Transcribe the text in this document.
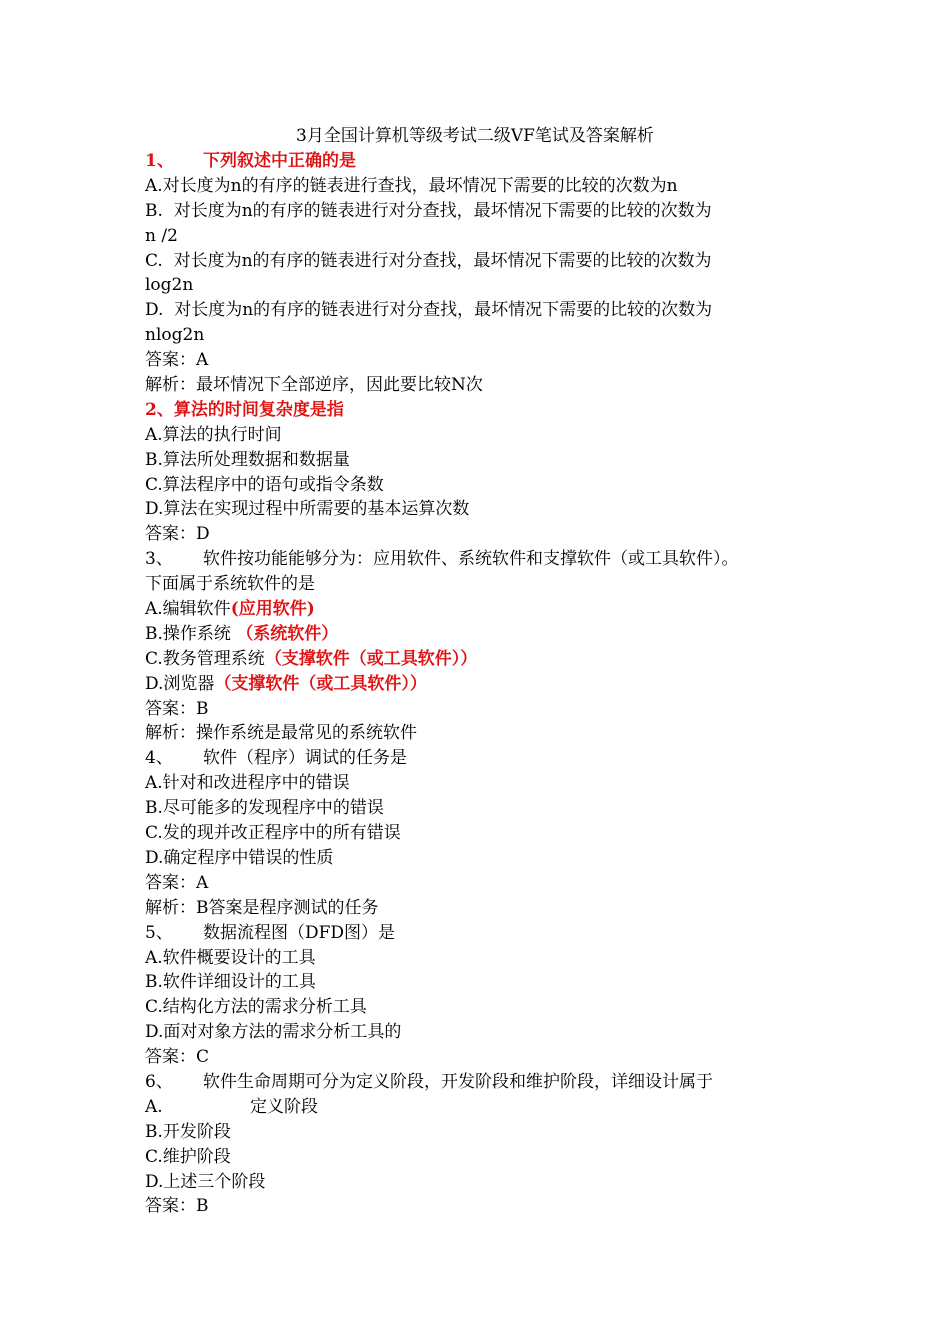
3月全国计算机等级考试二级VF笔试及答案解析
1、 下列叙述中正确的是
A.对长度为n的有序的链表进行查找，最坏情况下需要的比较的次数为n
B.  对长度为n的有序的链表进行对分查找，最坏情况下需要的比较的次数为
n /2
C.  对长度为n的有序的链表进行对分查找，最坏情况下需要的比较的次数为
log2n
D.  对长度为n的有序的链表进行对分查找，最坏情况下需要的比较的次数为
nlog2n
答案：A
解析：最坏情况下全部逆序，因此要比较N次
2、算法的时间复杂度是指
A.算法的执行时间
B.算法所处理数据和数据量
C.算法程序中的语句或指令条数
D.算法在实现过程中所需要的基本运算次数
答案：D
3、 软件按功能能够分为：应用软件、系统软件和支撑软件（或工具软件）。
下面属于系统软件的是
A.编辑软件(应用软件)
B.操作系统 （系统软件）
C.教务管理系统（支撑软件（或工具软件））
D.浏览器（支撑软件（或工具软件））
答案：B
解析：操作系统是最常见的系统软件
4、 软件（程序）调试的任务是
A.针对和改进程序中的错误
B.尽可能多的发现程序中的错误
C.发的现并改正程序中的所有错误
D.确定程序中错误的性质
答案：A
解析：B答案是程序测试的任务
5、 数据流程图（DFD图）是
A.软件概要设计的工具
B.软件详细设计的工具
C.结构化方法的需求分析工具
D.面对对象方法的需求分析工具的
答案：C
6、 软件生命周期可分为定义阶段，开发阶段和维护阶段，详细设计属于
A.	定义阶段
B.开发阶段
C.维护阶段
D.上述三个阶段
答案：B
